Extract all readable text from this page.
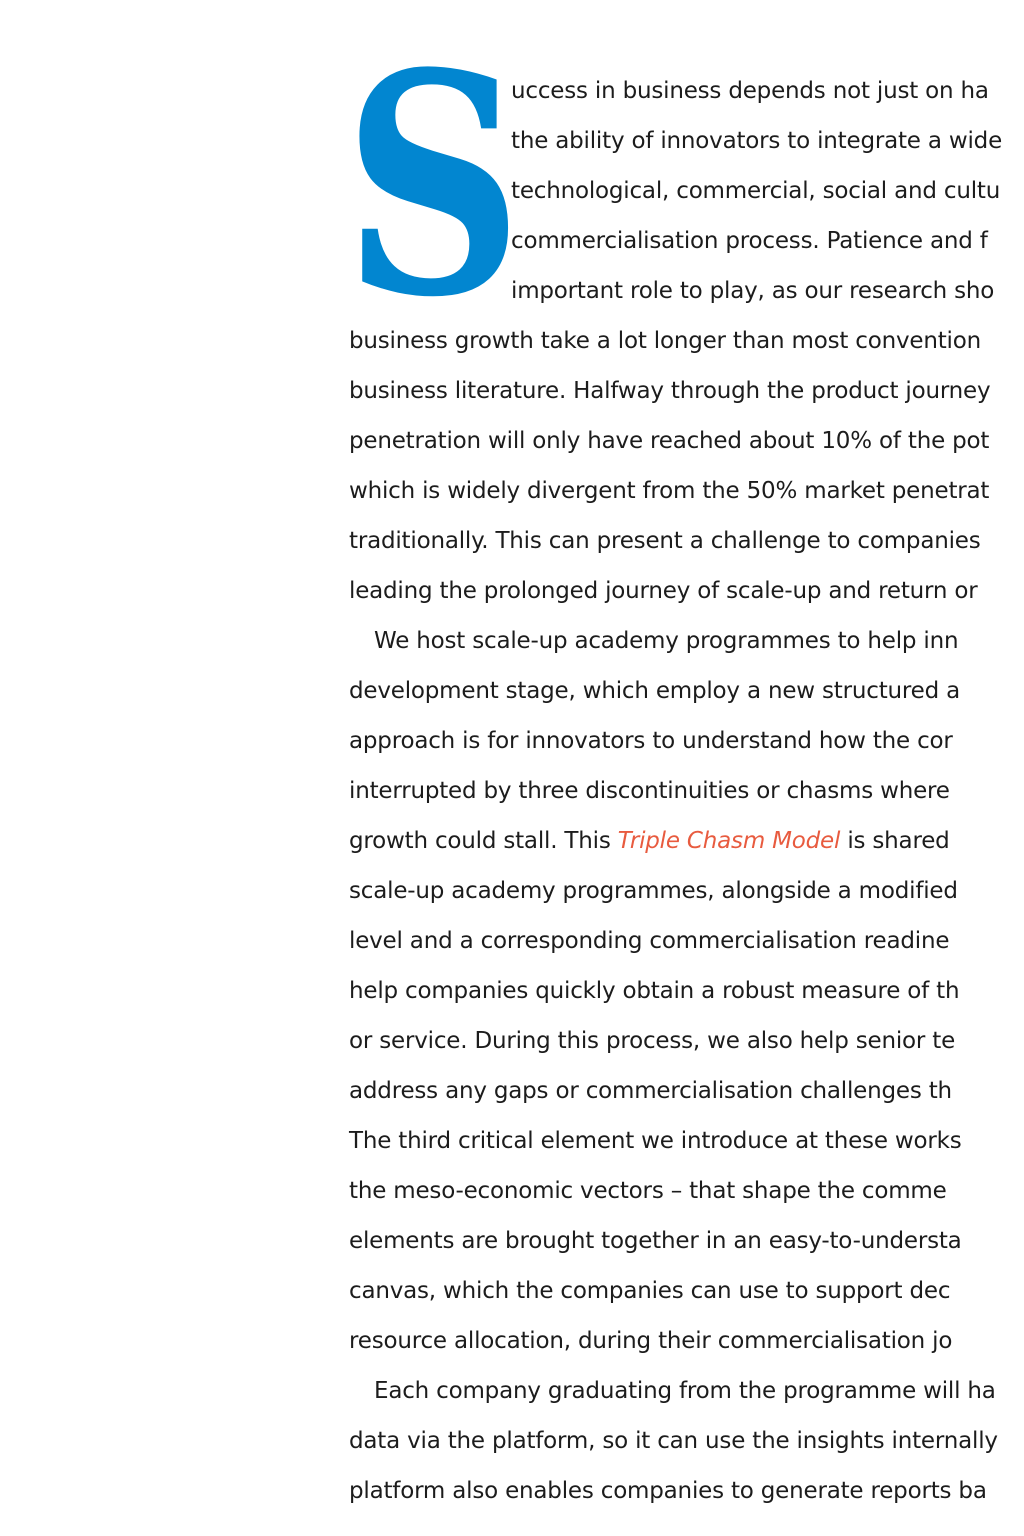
S
uccess in business depends not just on ha
the ability of innovators to integrate a wide
technological, commercial, social and cultu
commercialisation process. Patience and f
important role to play, as our research sho
business growth take a lot longer than most convention
business literature. Halfway through the product journey
penetration will only have reached about 10% of the pot
which is widely divergent from the 50% market penetrat
traditionally. This can present a challenge to companies
leading the prolonged journey of scale-up and return or
We host scale-up academy programmes to help inn
development stage, which employ a new structured a
approach is for innovators to understand how the cor
interrupted by three discontinuities or chasms where
growth could stall. This Triple Chasm Model is shared
scale-up academy programmes, alongside a modified
level and a corresponding commercialisation readine
help companies quickly obtain a robust measure of th
or service. During this process, we also help senior te
address any gaps or commercialisation challenges th
The third critical element we introduce at these works
the meso-economic vectors – that shape the comme
elements are brought together in an easy-to-understa
canvas, which the companies can use to support dec
resource allocation, during their commercialisation jo
Each company graduating from the programme will ha
data via the platform, so it can use the insights internally
platform also enables companies to generate reports ba
